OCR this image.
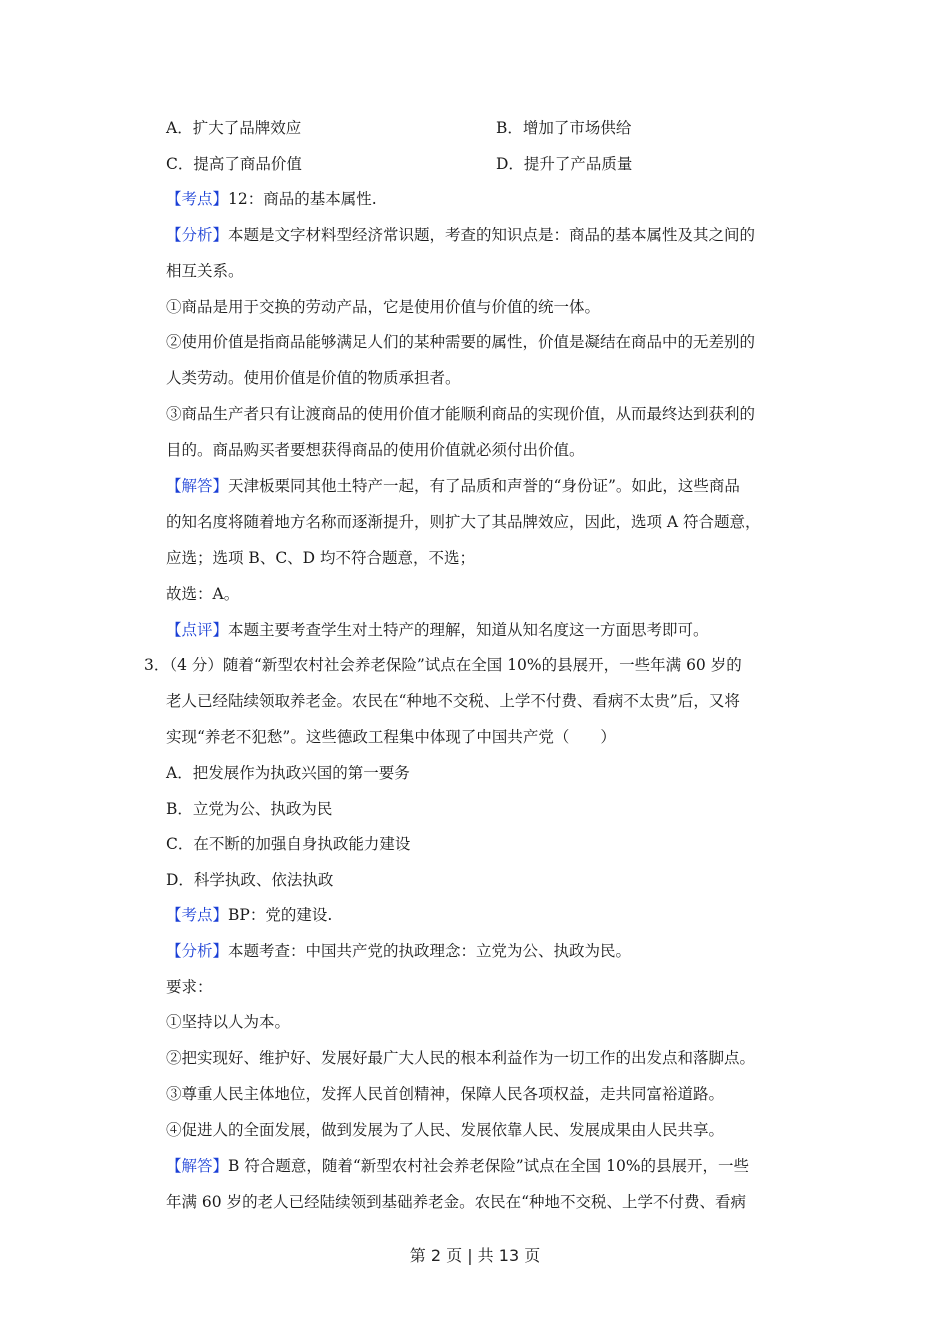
A．扩大了品牌效应	B．增加了市场供给
C．提高了商品价值	D．提升了产品质量
【考点】12：商品的基本属性.
【分析】本题是文字材料型经济常识题，考查的知识点是：商品的基本属性及其之间的
相互关系。
①商品是用于交换的劳动产品，它是使用价值与价值的统一体。
②使用价值是指商品能够满足人们的某种需要的属性，价值是凝结在商品中的无差别的
人类劳动。使用价值是价值的物质承担者。
③商品生产者只有让渡商品的使用价值才能顺利商品的实现价值，从而最终达到获利的
目的。商品购买者要想获得商品的使用价值就必须付出价值。
【解答】天津板栗同其他土特产一起，有了品质和声誉的“身份证”。如此，这些商品
的知名度将随着地方名称而逐渐提升，则扩大了其品牌效应，因此，选项 A 符合题意，
应选；选项 B、C、D 均不符合题意，不选；
故选：A。
【点评】本题主要考查学生对土特产的理解，知道从知名度这一方面思考即可。
3．（4 分）随着“新型农村社会养老保险”试点在全国 10%的县展开，一些年满 60 岁的
老人已经陆续领取养老金。农民在“种地不交税、上学不付费、看病不太贵”后，又将
实现“养老不犯愁”。这些德政工程集中体现了中国共产党（　　）
A．把发展作为执政兴国的第一要务
B．立党为公、执政为民
C．在不断的加强自身执政能力建设
D．科学执政、依法执政
【考点】BP：党的建设.
【分析】本题考查：中国共产党的执政理念：立党为公、执政为民。
要求：
①坚持以人为本。
②把实现好、维护好、发展好最广大人民的根本利益作为一切工作的出发点和落脚点。
③尊重人民主体地位，发挥人民首创精神，保障人民各项权益，走共同富裕道路。
④促进人的全面发展，做到发展为了人民、发展依靠人民、发展成果由人民共享。
【解答】B 符合题意，随着“新型农村社会养老保险”试点在全国 10%的县展开，一些
年满 60 岁的老人已经陆续领到基础养老金。农民在“种地不交税、上学不付费、看病
第 2 页 | 共 13 页
